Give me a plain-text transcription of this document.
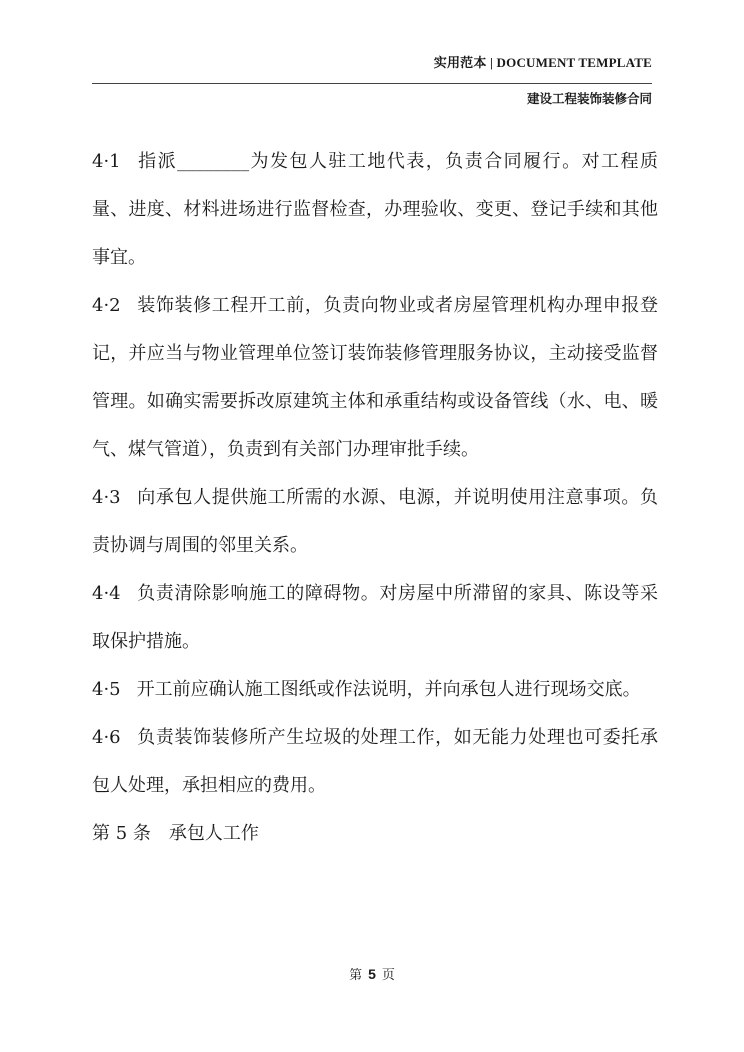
实用范本 | DOCUMENT TEMPLATE
建设工程装饰装修合同

4·1 指派________为发包人驻工地代表，负责合同履行。对工程质量、进度、材料进场进行监督检查，办理验收、变更、登记手续和其他事宜。

4·2 装饰装修工程开工前，负责向物业或者房屋管理机构办理申报登记，并应当与物业管理单位签订装饰装修管理服务协议，主动接受监督管理。如确实需要拆改原建筑主体和承重结构或设备管线（水、电、暖气、煤气管道），负责到有关部门办理审批手续。

4·3 向承包人提供施工所需的水源、电源，并说明使用注意事项。负责协调与周围的邻里关系。

4·4 负责清除影响施工的障碍物。对房屋中所滞留的家具、陈设等采取保护措施。

4·5 开工前应确认施工图纸或作法说明，并向承包人进行现场交底。

4·6 负责装饰装修所产生垃圾的处理工作，如无能力处理也可委托承包人处理，承担相应的费用。

第 5 条 承包人工作

第 5 页
